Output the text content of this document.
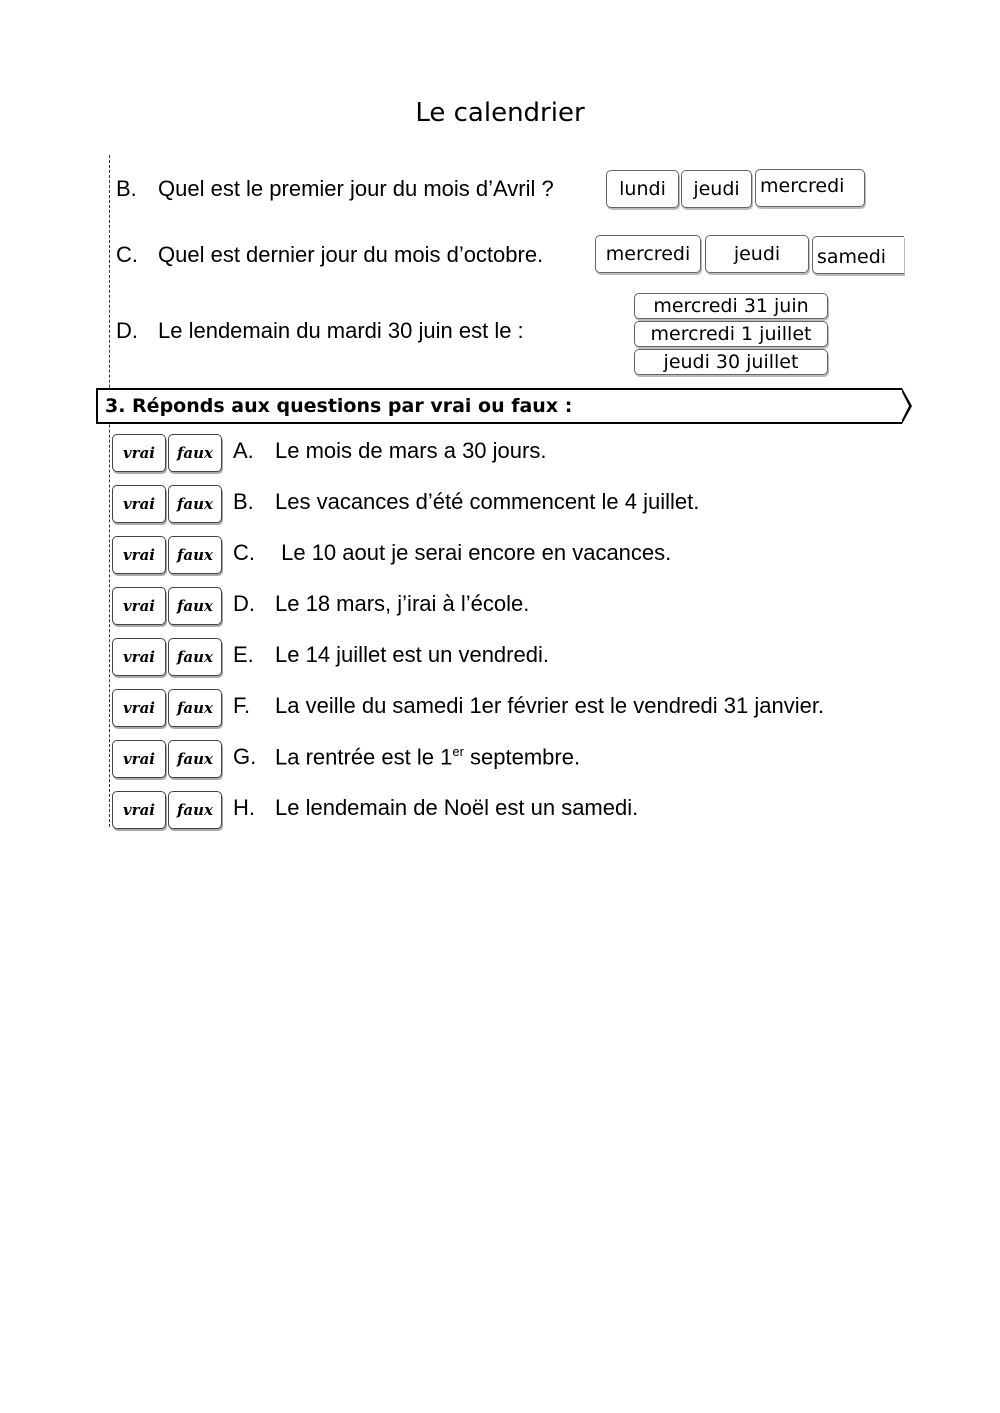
Le calendrier
B. Quel est le premier jour du mois d’Avril ?	lundi	jeudi	mercredi
C. Quel est dernier jour du mois d’octobre.	mercredi	jeudi	samedi
D. Le lendemain du mardi 30 juin est le :
mercredi 31 juin
mercredi 1 juillet
jeudi 30 juillet
3. Réponds aux questions par vrai ou faux :
vrai	faux A. Le mois de mars a 30 jours.
vrai	faux B. Les vacances d’été commencent le 4 juillet.
vrai	faux C. Le 10 aout je serai encore en vacances.
vrai	faux D. Le 18 mars, j’irai à l’école.
vrai	faux E. Le 14 juillet est un vendredi.
vrai	faux F. La veille du samedi 1er février est le vendredi 31 janvier.
vrai	faux G. La rentrée est le 1er septembre.
vrai	faux H. Le lendemain de Noël est un samedi.
